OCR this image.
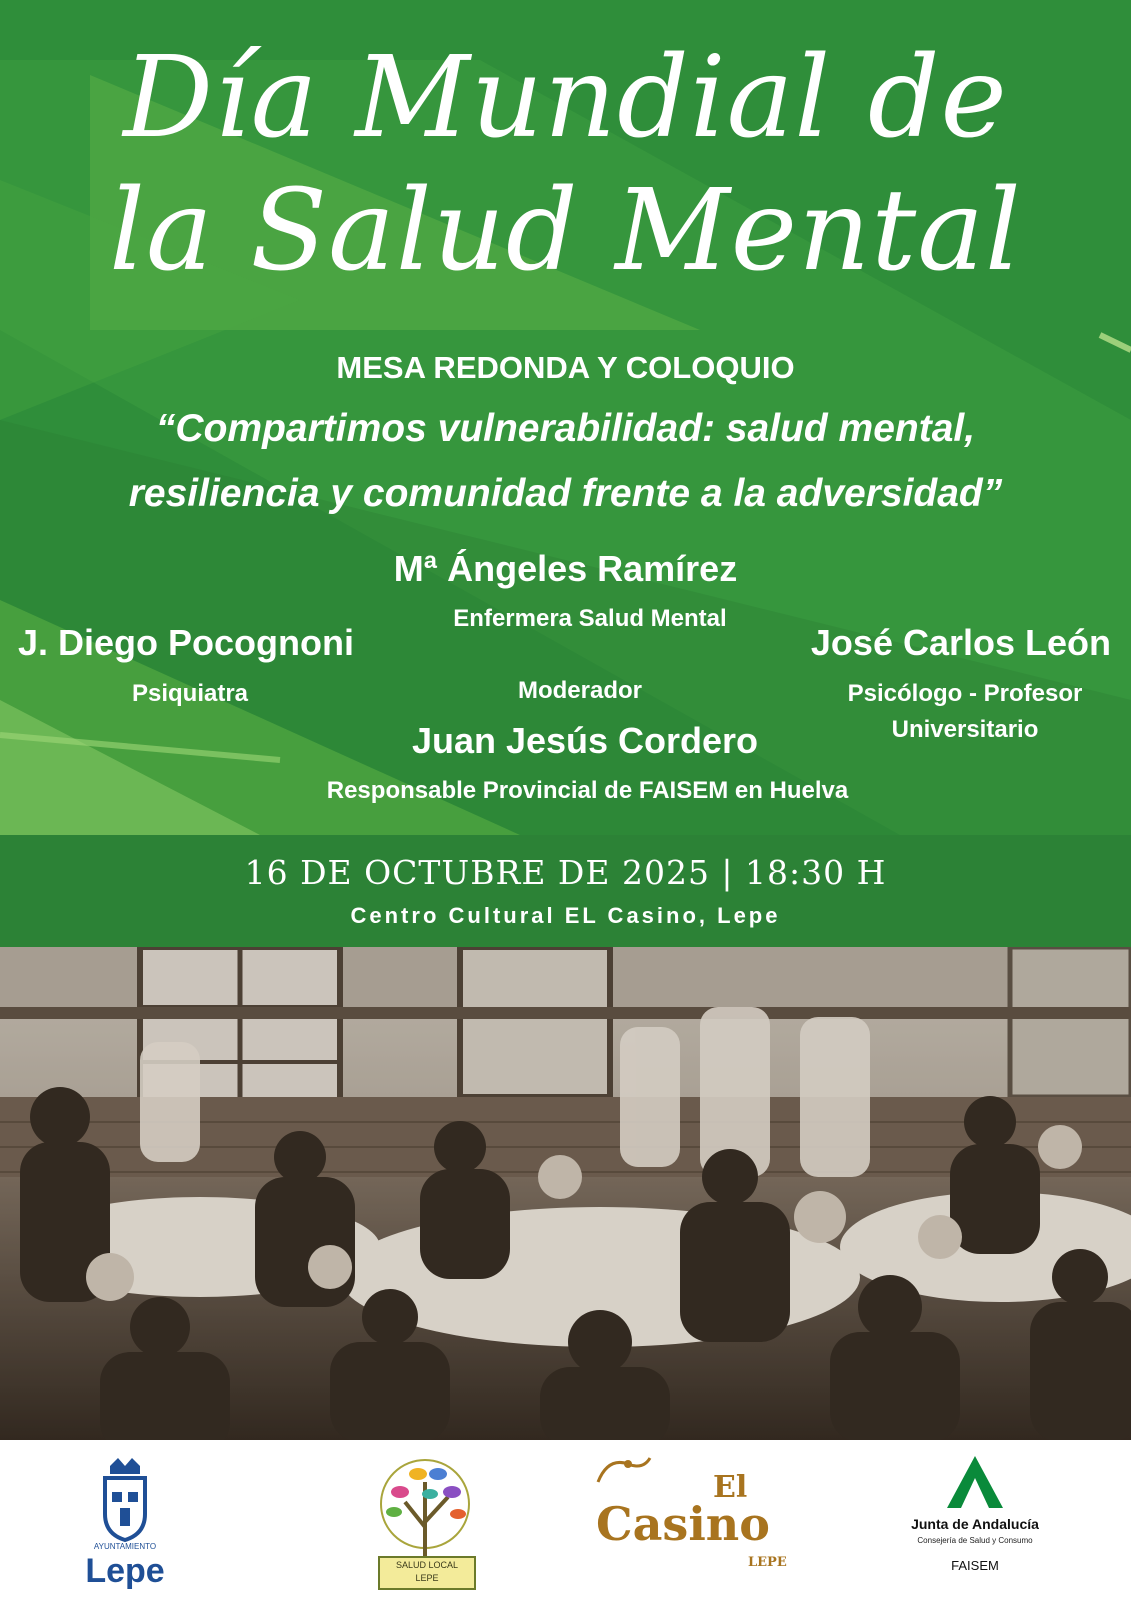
Día Mundial de
la Salud Mental
MESA REDONDA Y COLOQUIO
“Compartimos vulnerabilidad: salud mental,
resiliencia y comunidad frente a la adversidad”
Mª Ángeles Ramírez
Enfermera Salud Mental
J. Diego Pocognoni
Psiquiatra
José Carlos León
Psicólogo - Profesor
Universitario
Moderador
Juan Jesús Cordero
Responsable Provincial de FAISEM en Huelva
16 DE OCTUBRE DE 2025 | 18:30 H
Centro Cultural EL Casino, Lepe
AYUNTAMIENTO
Lepe	SALUD LOCAL
LEPE
El
Casino
LEPE
Junta de Andalucía
Consejería de Salud y Consumo
FAISEM
